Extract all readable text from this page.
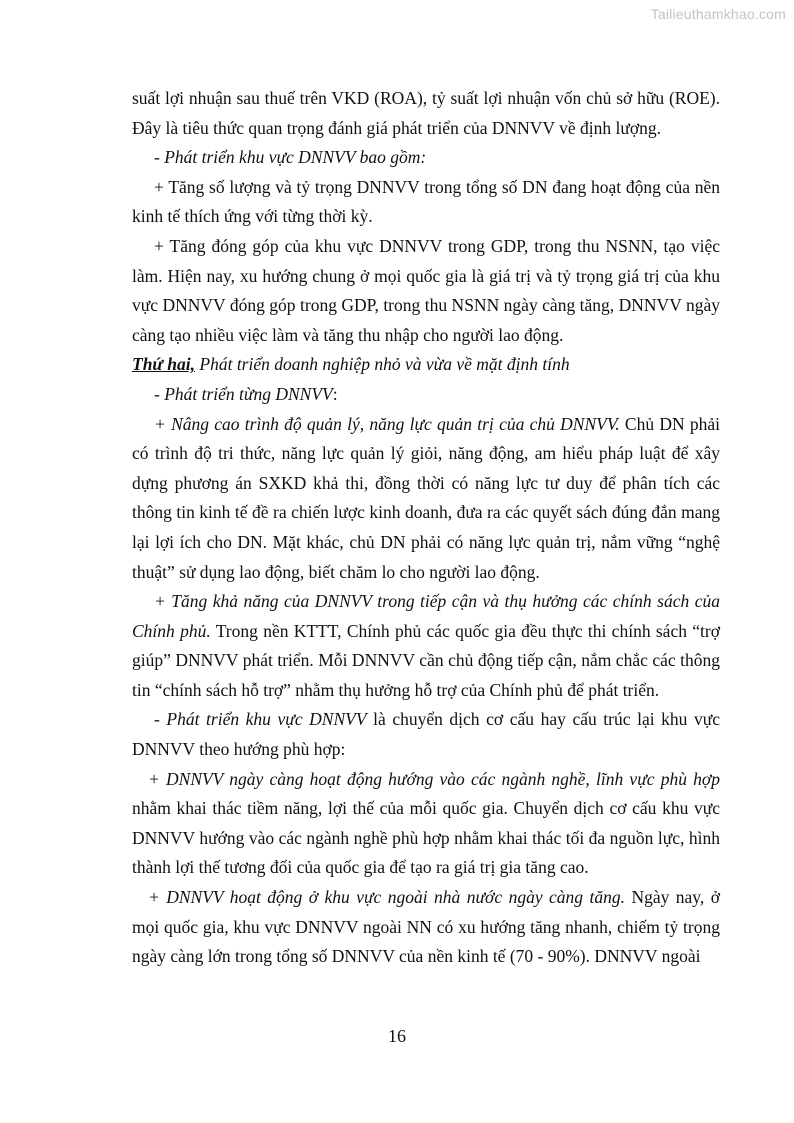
Tailieuthamkhao.com

suất lợi nhuận sau thuế trên VKD (ROA), tỷ suất lợi nhuận vốn chủ sở hữu (ROE). Đây là tiêu thức quan trọng đánh giá phát triển của DNNVV về định lượng.

- Phát triển khu vực DNNVV bao gồm:

+ Tăng số lượng và tỷ trọng DNNVV trong tổng số DN đang hoạt động của nền kinh tế thích ứng với từng thời kỳ.

+ Tăng đóng góp của khu vực DNNVV trong GDP, trong thu NSNN, tạo việc làm. Hiện nay, xu hướng chung ở mọi quốc gia là giá trị và tỷ trọng giá trị của khu vực DNNVV đóng góp trong GDP, trong thu NSNN ngày càng tăng, DNNVV ngày càng tạo nhiều việc làm và tăng thu nhập cho người lao động.

Thứ hai, Phát triển doanh nghiệp nhỏ và vừa về mặt định tính

- Phát triển từng DNNVV:

+ Nâng cao trình độ quản lý, năng lực quản trị của chủ DNNVV. Chủ DN phải có trình độ tri thức, năng lực quản lý giỏi, năng động, am hiểu pháp luật để xây dựng phương án SXKD khả thi, đồng thời có năng lực tư duy để phân tích các thông tin kinh tế đề ra chiến lược kinh doanh, đưa ra các quyết sách đúng đắn mang lại lợi ích cho DN. Mặt khác, chủ DN phải có năng lực quản trị, nắm vững “nghệ thuật” sử dụng lao động, biết chăm lo cho người lao động.

+ Tăng khả năng của DNNVV trong tiếp cận và thụ hưởng các chính sách của Chính phủ. Trong nền KTTT, Chính phủ các quốc gia đều thực thi chính sách “trợ giúp” DNNVV phát triển. Mỗi DNNVV cần chủ động tiếp cận, nắm chắc các thông tin “chính sách hỗ trợ” nhằm thụ hưởng hỗ trợ của Chính phủ để phát triển.

- Phát triển khu vực DNNVV là chuyển dịch cơ cấu hay cấu trúc lại khu vực DNNVV theo hướng phù hợp:

+ DNNVV ngày càng hoạt động hướng vào các ngành nghề, lĩnh vực phù hợp nhằm khai thác tiềm năng, lợi thế của mỗi quốc gia. Chuyển dịch cơ cấu khu vực DNNVV hướng vào các ngành nghề phù hợp nhằm khai thác tối đa nguồn lực, hình thành lợi thế tương đối của quốc gia để tạo ra giá trị gia tăng cao.

+ DNNVV hoạt động ở khu vực ngoài nhà nước ngày càng tăng. Ngày nay, ở mọi quốc gia, khu vực DNNVV ngoài NN có xu hướng tăng nhanh, chiếm tỷ trọng ngày càng lớn trong tổng số DNNVV của nền kinh tế (70 - 90%). DNNVV ngoài

16
